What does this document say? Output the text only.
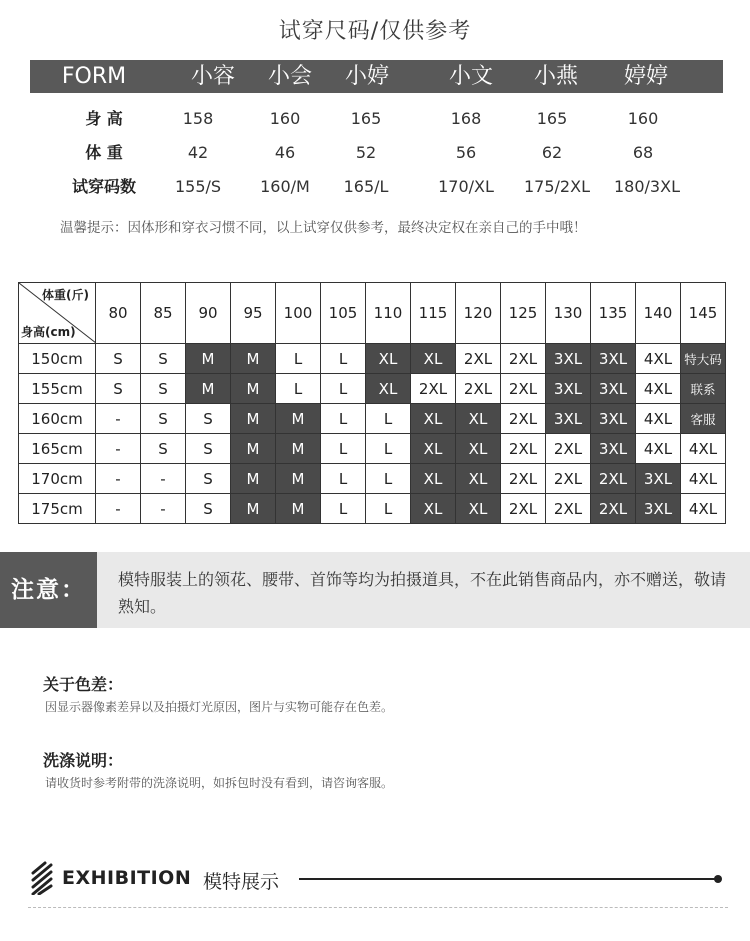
试穿尺码/仅供参考
FORM	小容	小会	小婷	小文	小燕	婷婷
身 高	158	160	165	168	165	160
体 重	42	46	52	56	62	68
试穿码数	155/S	160/M	165/L	170/XL	175/2XL	180/3XL
温馨提示：因体形和穿衣习惯不同，以上试穿仅供参考，最终决定权在亲自己的手中哦！
体重(斤)
身高(cm)	80	85	90	95	100	105	110	115	120	125	130	135	140	145
150cm	S	S	M	M	L	L	XL	XL	2XL	2XL	3XL	3XL	4XL	特大码
155cm	S	S	M	M	L	L	XL	2XL	2XL	2XL	3XL	3XL	4XL	联系
160cm	-	S	S	M	M	L	L	XL	XL	2XL	3XL	3XL	4XL	客服
165cm	-	S	S	M	M	L	L	XL	XL	2XL	2XL	3XL	4XL	4XL
170cm	-	-	S	M	M	L	L	XL	XL	2XL	2XL	2XL	3XL	4XL
175cm	-	-	S	M	M	L	L	XL	XL	2XL	2XL	2XL	3XL	4XL
注意：	模特服装上的领花、腰带、首饰等均为拍摄道具，不在此销售商品内，亦不赠送，敬请熟知。
关于色差：
因显示器像素差异以及拍摄灯光原因，图片与实物可能存在色差。
洗涤说明：
请收货时参考附带的洗涤说明，如拆包时没有看到，请咨询客服。
EXHIBITION 模特展示
